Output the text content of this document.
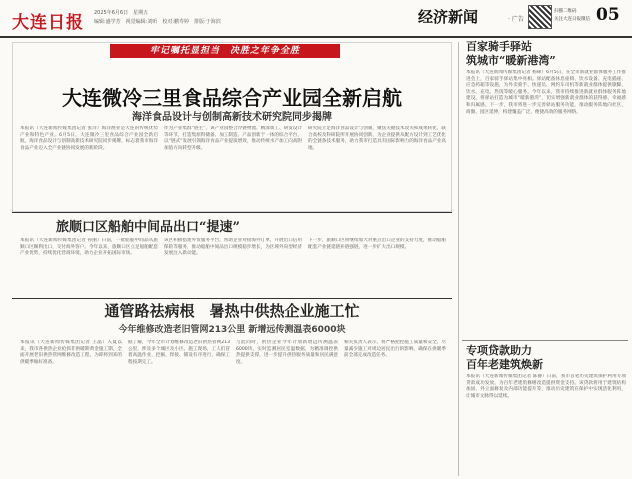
大连日报 2025年6月6日　星期五
编辑:盛学芳　视觉编辑:刘昕　校对:鹏寿婷　排版:于海滨	经济新闻	· 广告
扫描二维码
关注大连日报微信 05
牢记嘱托显担当　决胜之年争全胜
大连微冷三里食品综合产业园全新启航
海洋食品设计与创制高新技术研究院同步揭牌
本报讯（大连新闻传媒集团记者 张洋）海洋渔业是大连的传统优势产业和特色产业。6月5日，大连微冷三里食品综合产业园全新启航，海洋食品设计与创制高新技术研究院同步揭牌，标志着我市海洋食品产业迈入全产业链协同发展的新阶段。
作为产业集群“链主”，该产业园整合冷链物流、精深加工、研发设计等环节，打造集原料储备、加工制造、产品创新于一体的综合平台，以“链式”发展引领海洋食品产业提质增效，推动传统水产加工向高附加值方向转型升级。
研究院立足海洋食品设计与创制，聚焦关键技术攻关和成果转化，联合高校及科研院所开展协同创新，为企业提供从配方设计到工艺优化的全链条技术服务，助力我市打造具有国际影响力的海洋食品产业高地。
旅顺口区船舶中间品出口“提速”
本报讯（大连新闻传媒集团记者 孙丽）日前，一批船舶中间品从旅顺口区顺利出口，交付海外客户。今年以来，旅顺口区立足船舶配套产业优势，持续优化营商环境，助力企业开拓国际市场。
该区积极搭建外贸服务平台，帮助企业对接海外订单，开展出口信用保险等服务，推动船舶中间品出口规模稳步增长，为区域外向型经济发展注入新动能。
下一步，旅顺口区将继续加大对重点出口企业的支持力度，推动船舶配套产业链延链补链强链，进一步扩大出口规模。
通管路祛病根　暑热中供热企业施工忙
今年维修改造老旧管网213公里 新增远传测温表6000块
本报讯（大连新闻传媒集团记者 王晶）入夏以来，我市各供热企业抢抓非供暖期黄金施工期，全面开展老旧供热管网维修改造工程，为即将到来的供暖季做好准备。
据了解，今年全市计划维修改造老旧供热管网213公里，涉及多个城区及小区。施工现场，工人们冒着高温作业，挖掘、焊接、铺设有序进行，确保工程按期完工。
与此同时，供热企业今年计划新增远传测温表6000块，实时监测居民室温数据，为精准调控供热提供支撑，进一步提升供热服务质量和居民满意度。
相关负责人表示，将严格把控施工质量和安全，尽量减少施工对周边居民出行的影响，确保在供暖季前全部完成改造任务。
百家骑手驿站
筑城市“暖新港湾”
本报讯（大连新闻传媒集团记者 杨硕）6月5日，在全市新就业群体服务工作推进会上，百家骑手驿站集中亮相。驿站配备休息座椅、饮水设备、充电插座、应急药箱等设施，为外卖骑手、快递员、网约车司机等新就业群体提供歇脚、饮水、充电、热饭等暖心服务。今年以来，我市持续推进新就业群体服务阵地建设，将驿站打造为城市“暖新港湾”，切实增强新就业群体的获得感、幸福感和归属感。下一步，我市将进一步完善驿站服务功能，推动服务阵地向社区、商圈、园区延伸，构建覆盖广泛、便捷高效的服务网络。
专项贷款助力
百年老建筑焕新
本报讯（大连新闻传媒集团记者 陈静）日前，我市首笔历史建筑保护利用专项贷款成功发放，为百年老建筑修缮改造提供资金支持。该贷款将用于建筑结构加固、外立面修复及内部功能提升等，推动历史建筑在保护中实现活化利用，让城市文脉得以延续。
